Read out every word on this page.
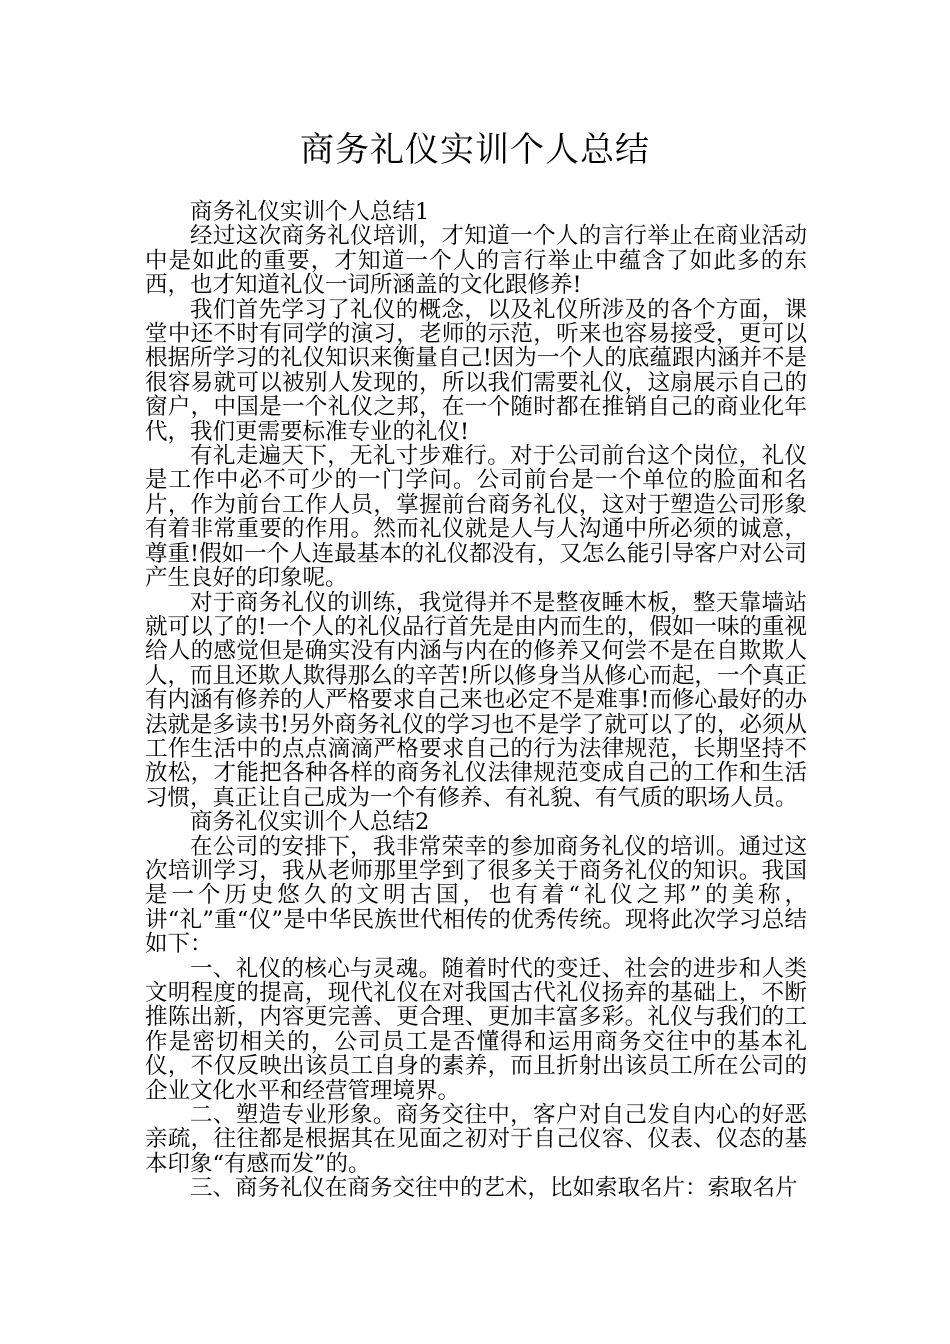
商务礼仪实训个人总结

商务礼仪实训个人总结1

经过这次商务礼仪培训，才知道一个人的言行举止在商业活动中是如此的重要，才知道一个人的言行举止中蕴含了如此多的东西，也才知道礼仪一词所涵盖的文化跟修养!

我们首先学习了礼仪的概念，以及礼仪所涉及的各个方面，课堂中还不时有同学的演习，老师的示范，听来也容易接受，更可以根据所学习的礼仪知识来衡量自己!因为一个人的底蕴跟内涵并不是很容易就可以被别人发现的，所以我们需要礼仪，这扇展示自己的窗户，中国是一个礼仪之邦，在一个随时都在推销自己的商业化年代，我们更需要标准专业的礼仪!

有礼走遍天下，无礼寸步难行。对于公司前台这个岗位，礼仪是工作中必不可少的一门学问。公司前台是一个单位的脸面和名片，作为前台工作人员，掌握前台商务礼仪，这对于塑造公司形象有着非常重要的作用。然而礼仪就是人与人沟通中所必须的诚意，尊重!假如一个人连最基本的礼仪都没有，又怎么能引导客户对公司产生良好的印象呢。

对于商务礼仪的训练，我觉得并不是整夜睡木板，整天靠墙站就可以了的!一个人的礼仪品行首先是由内而生的，假如一味的重视给人的感觉但是确实没有内涵与内在的修养又何尝不是在自欺欺人人，而且还欺人欺得那么的辛苦!所以修身当从修心而起，一个真正有内涵有修养的人严格要求自己来也必定不是难事!而修心最好的办法就是多读书!另外商务礼仪的学习也不是学了就可以了的，必须从工作生活中的点点滴滴严格要求自己的行为法律规范，长期坚持不放松，才能把各种各样的商务礼仪法律规范变成自己的工作和生活习惯，真正让自己成为一个有修养、有礼貌、有气质的职场人员。

商务礼仪实训个人总结2

在公司的安排下，我非常荣幸的参加商务礼仪的培训。通过这次培训学习，我从老师那里学到了很多关于商务礼仪的知识。我国是一个历史悠久的文明古国，也有着“礼仪之邦”的美称，讲“礼”重“仪”是中华民族世代相传的优秀传统。现将此次学习总结如下：

一、礼仪的核心与灵魂。随着时代的变迁、社会的进步和人类文明程度的提高，现代礼仪在对我国古代礼仪扬弃的基础上，不断推陈出新，内容更完善、更合理、更加丰富多彩。礼仪与我们的工作是密切相关的，公司员工是否懂得和运用商务交往中的基本礼仪，不仅反映出该员工自身的素养，而且折射出该员工所在公司的企业文化水平和经营管理境界。

二、塑造专业形象。商务交往中，客户对自己发自内心的好恶亲疏，往往都是根据其在见面之初对于自己仪容、仪表、仪态的基本印象“有感而发”的。

三、商务礼仪在商务交往中的艺术，比如索取名片：索取名片
